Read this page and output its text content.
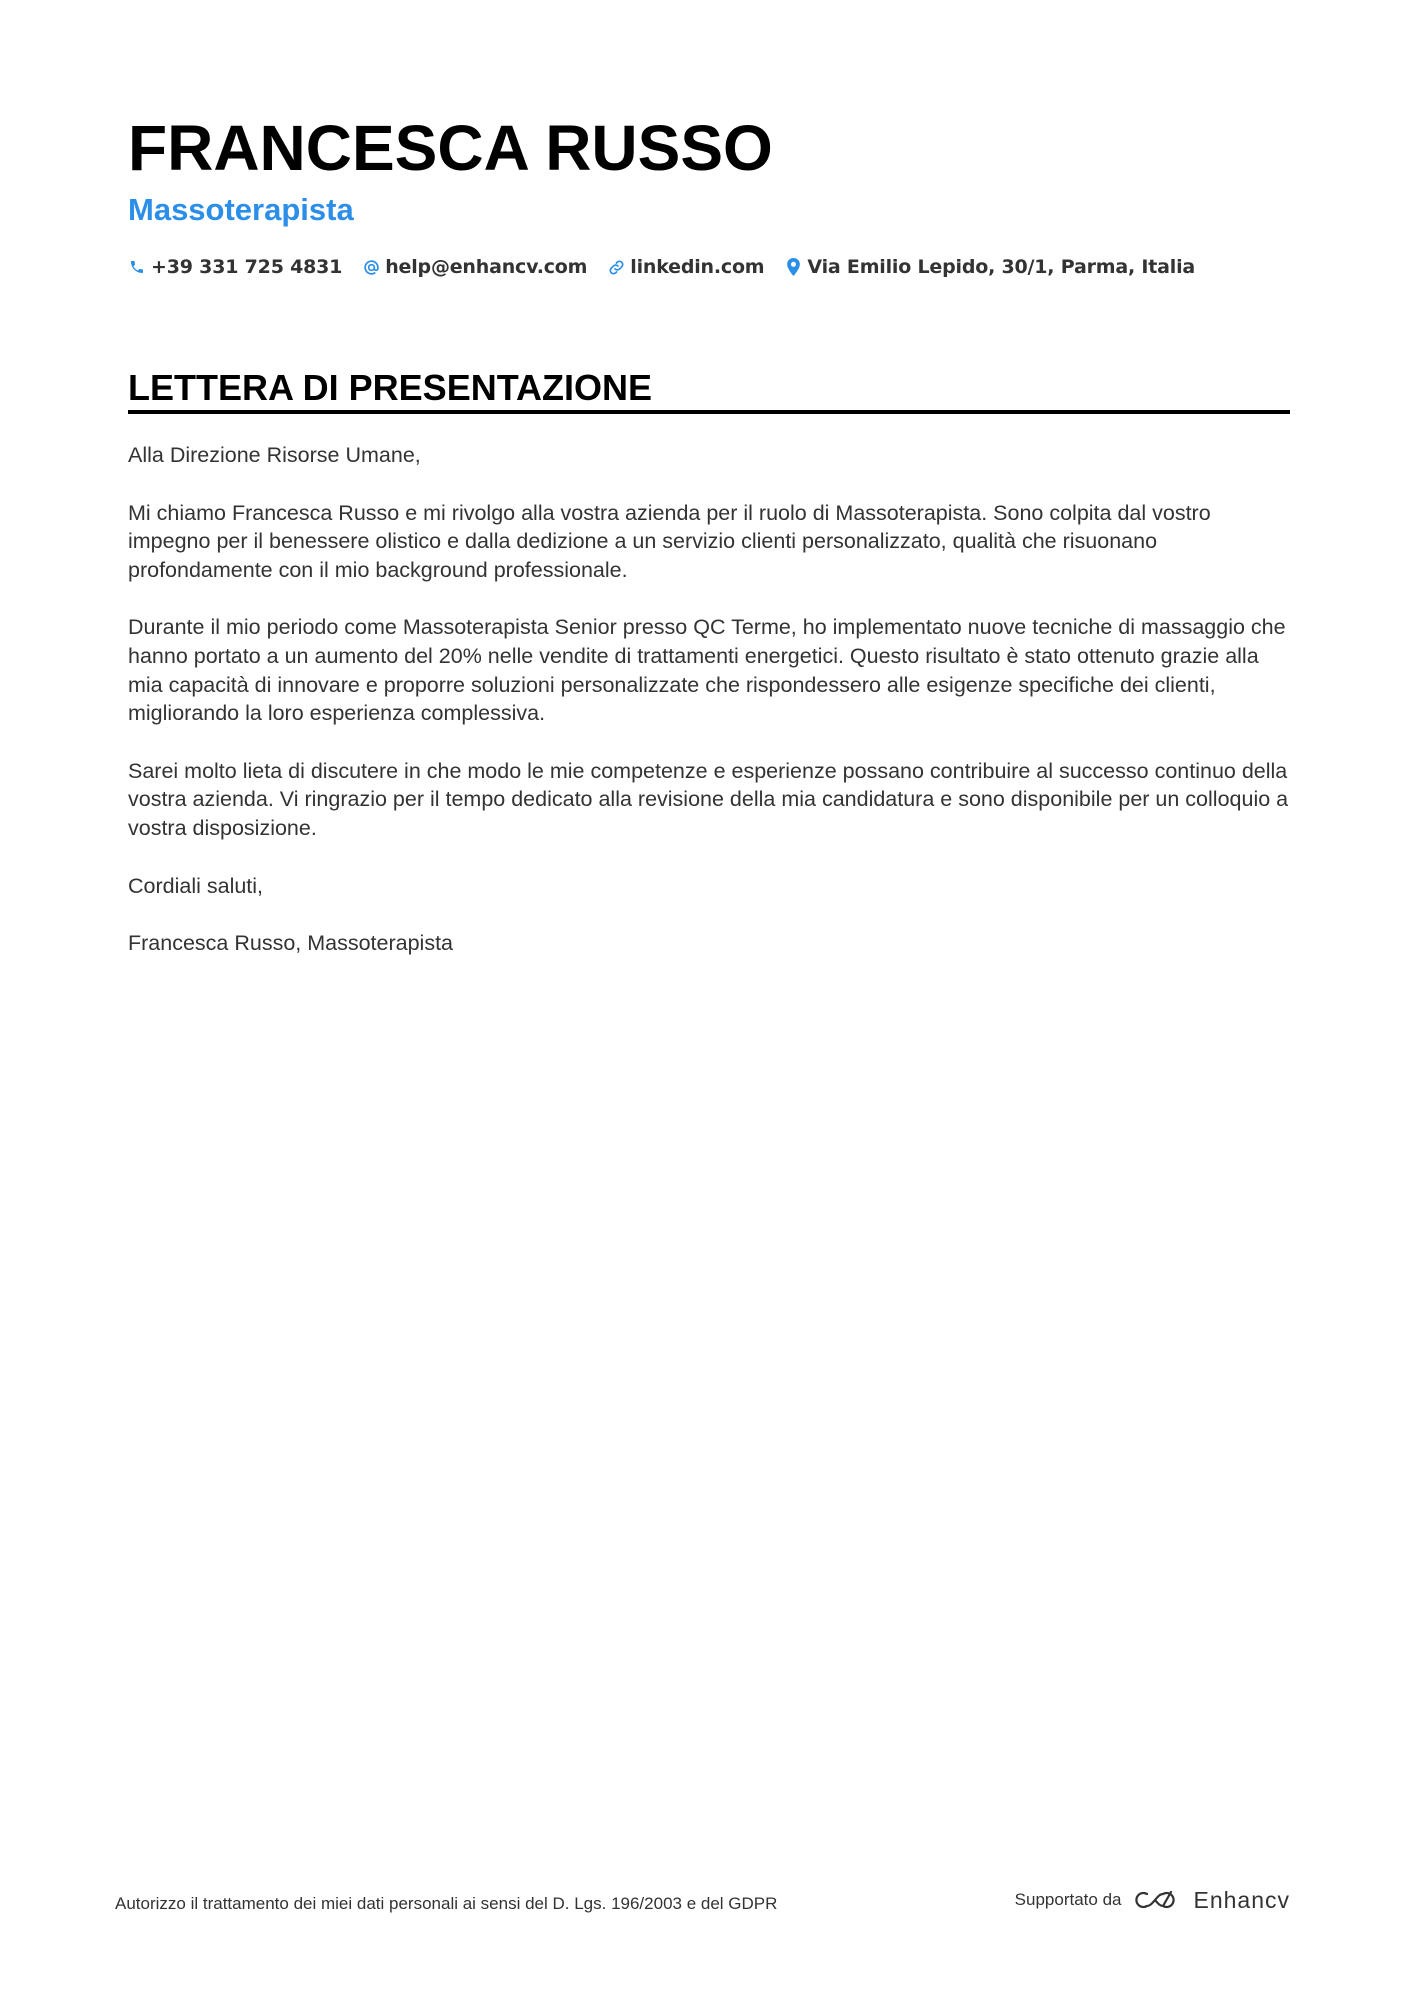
FRANCESCA RUSSO
Massoterapista
+39 331 725 4831 help@enhancv.com linkedin.com Via Emilio Lepido, 30/1, Parma, Italia
LETTERA DI PRESENTAZIONE

Alla Direzione Risorse Umane,

Mi chiamo Francesca Russo e mi rivolgo alla vostra azienda per il ruolo di Massoterapista. Sono colpita dal vostro impegno per il benessere olistico e dalla dedizione a un servizio clienti personalizzato, qualità che risuonano profondamente con il mio background professionale.

Durante il mio periodo come Massoterapista Senior presso QC Terme, ho implementato nuove tecniche di massaggio che hanno portato a un aumento del 20% nelle vendite di trattamenti energetici. Questo risultato è stato ottenuto grazie alla mia capacità di innovare e proporre soluzioni personalizzate che rispondessero alle esigenze specifiche dei clienti, migliorando la loro esperienza complessiva.

Sarei molto lieta di discutere in che modo le mie competenze e esperienze possano contribuire al successo continuo della vostra azienda. Vi ringrazio per il tempo dedicato alla revisione della mia candidatura e sono disponibile per un colloquio a vostra disposizione.

Cordiali saluti,

Francesca Russo, Massoterapista

Autorizzo il trattamento dei miei dati personali ai sensi del D. Lgs. 196/2003 e del GDPR	Supportato da	Enhancv
